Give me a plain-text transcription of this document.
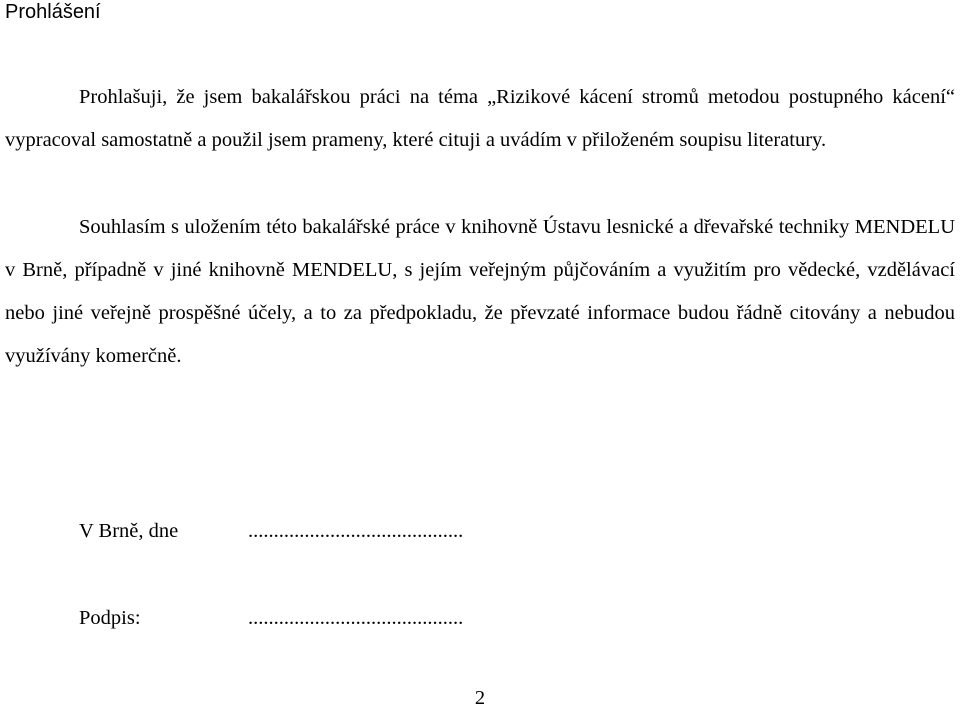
Prohlášení

Prohlašuji, že jsem bakalářskou práci na téma „Rizikové kácení stromů metodou postupného kácení“ vypracoval samostatně a použil jsem prameny, které cituji a uvádím v přiloženém soupisu literatury.

Souhlasím s uložením této bakalářské práce v knihovně Ústavu lesnické a dřevařské techniky MENDELU v Brně, případně v jiné knihovně MENDELU, s jejím veřejným půjčováním a využitím pro vědecké, vzdělávací nebo jiné veřejně prospěšné účely, a to za předpokladu, že převzaté informace budou řádně citovány a nebudou využívány komerčně.

V Brně, dne	..........................................
Podpis:	..........................................
2
